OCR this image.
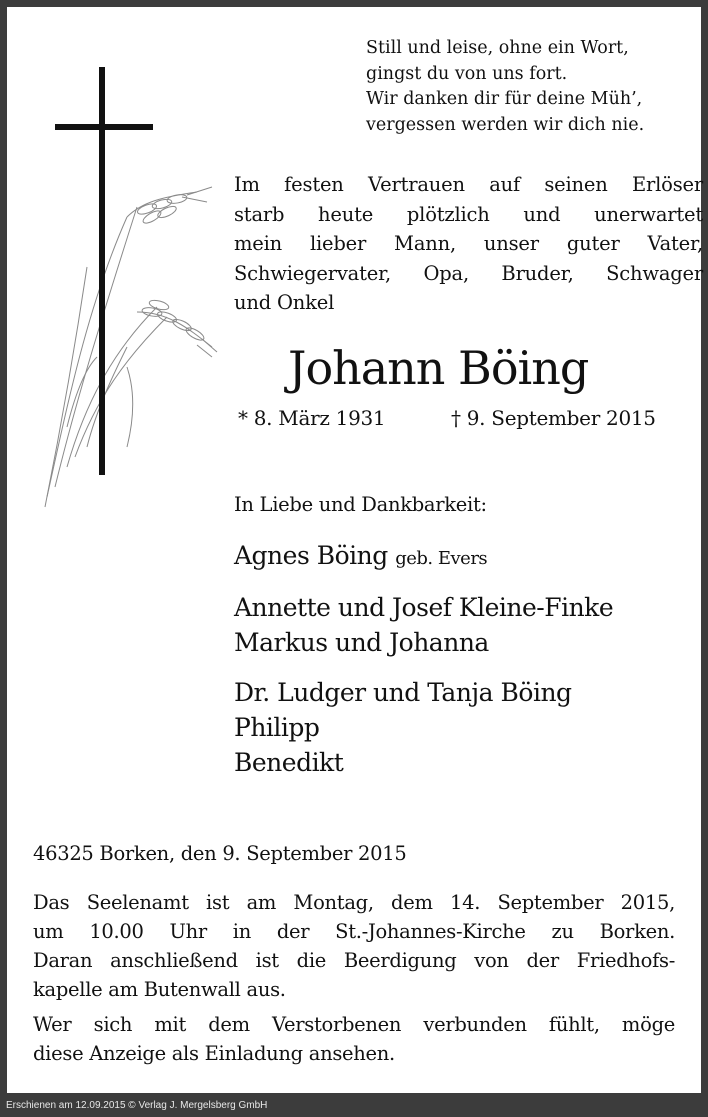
Still und leise, ohne ein Wort,
gingst du von uns fort.
Wir danken dir für deine Müh’,
vergessen werden wir dich nie.
Im festen Vertrauen auf seinen Erlöser
starb heute plötzlich und unerwartet
mein lieber Mann, unser guter Vater,
Schwiegervater, Opa, Bruder, Schwager
und Onkel
Johann Böing
* 8. März 1931	† 9. September 2015
In Liebe und Dankbarkeit:
Agnes Böing geb. Evers
Annette und Josef Kleine-Finke
Markus und Johanna
Dr. Ludger und Tanja Böing
Philipp
Benedikt
46325 Borken, den 9. September 2015
Das Seelenamt ist am Montag, dem 14. September 2015,
um 10.00 Uhr in der St.-Johannes-Kirche zu Borken.
Daran anschließend ist die Beerdigung von der Friedhofs-
kapelle am Butenwall aus.
Wer sich mit dem Verstorbenen verbunden fühlt, möge
diese Anzeige als Einladung ansehen.
Erschienen am 12.09.2015 © Verlag J. Mergelsberg GmbH
